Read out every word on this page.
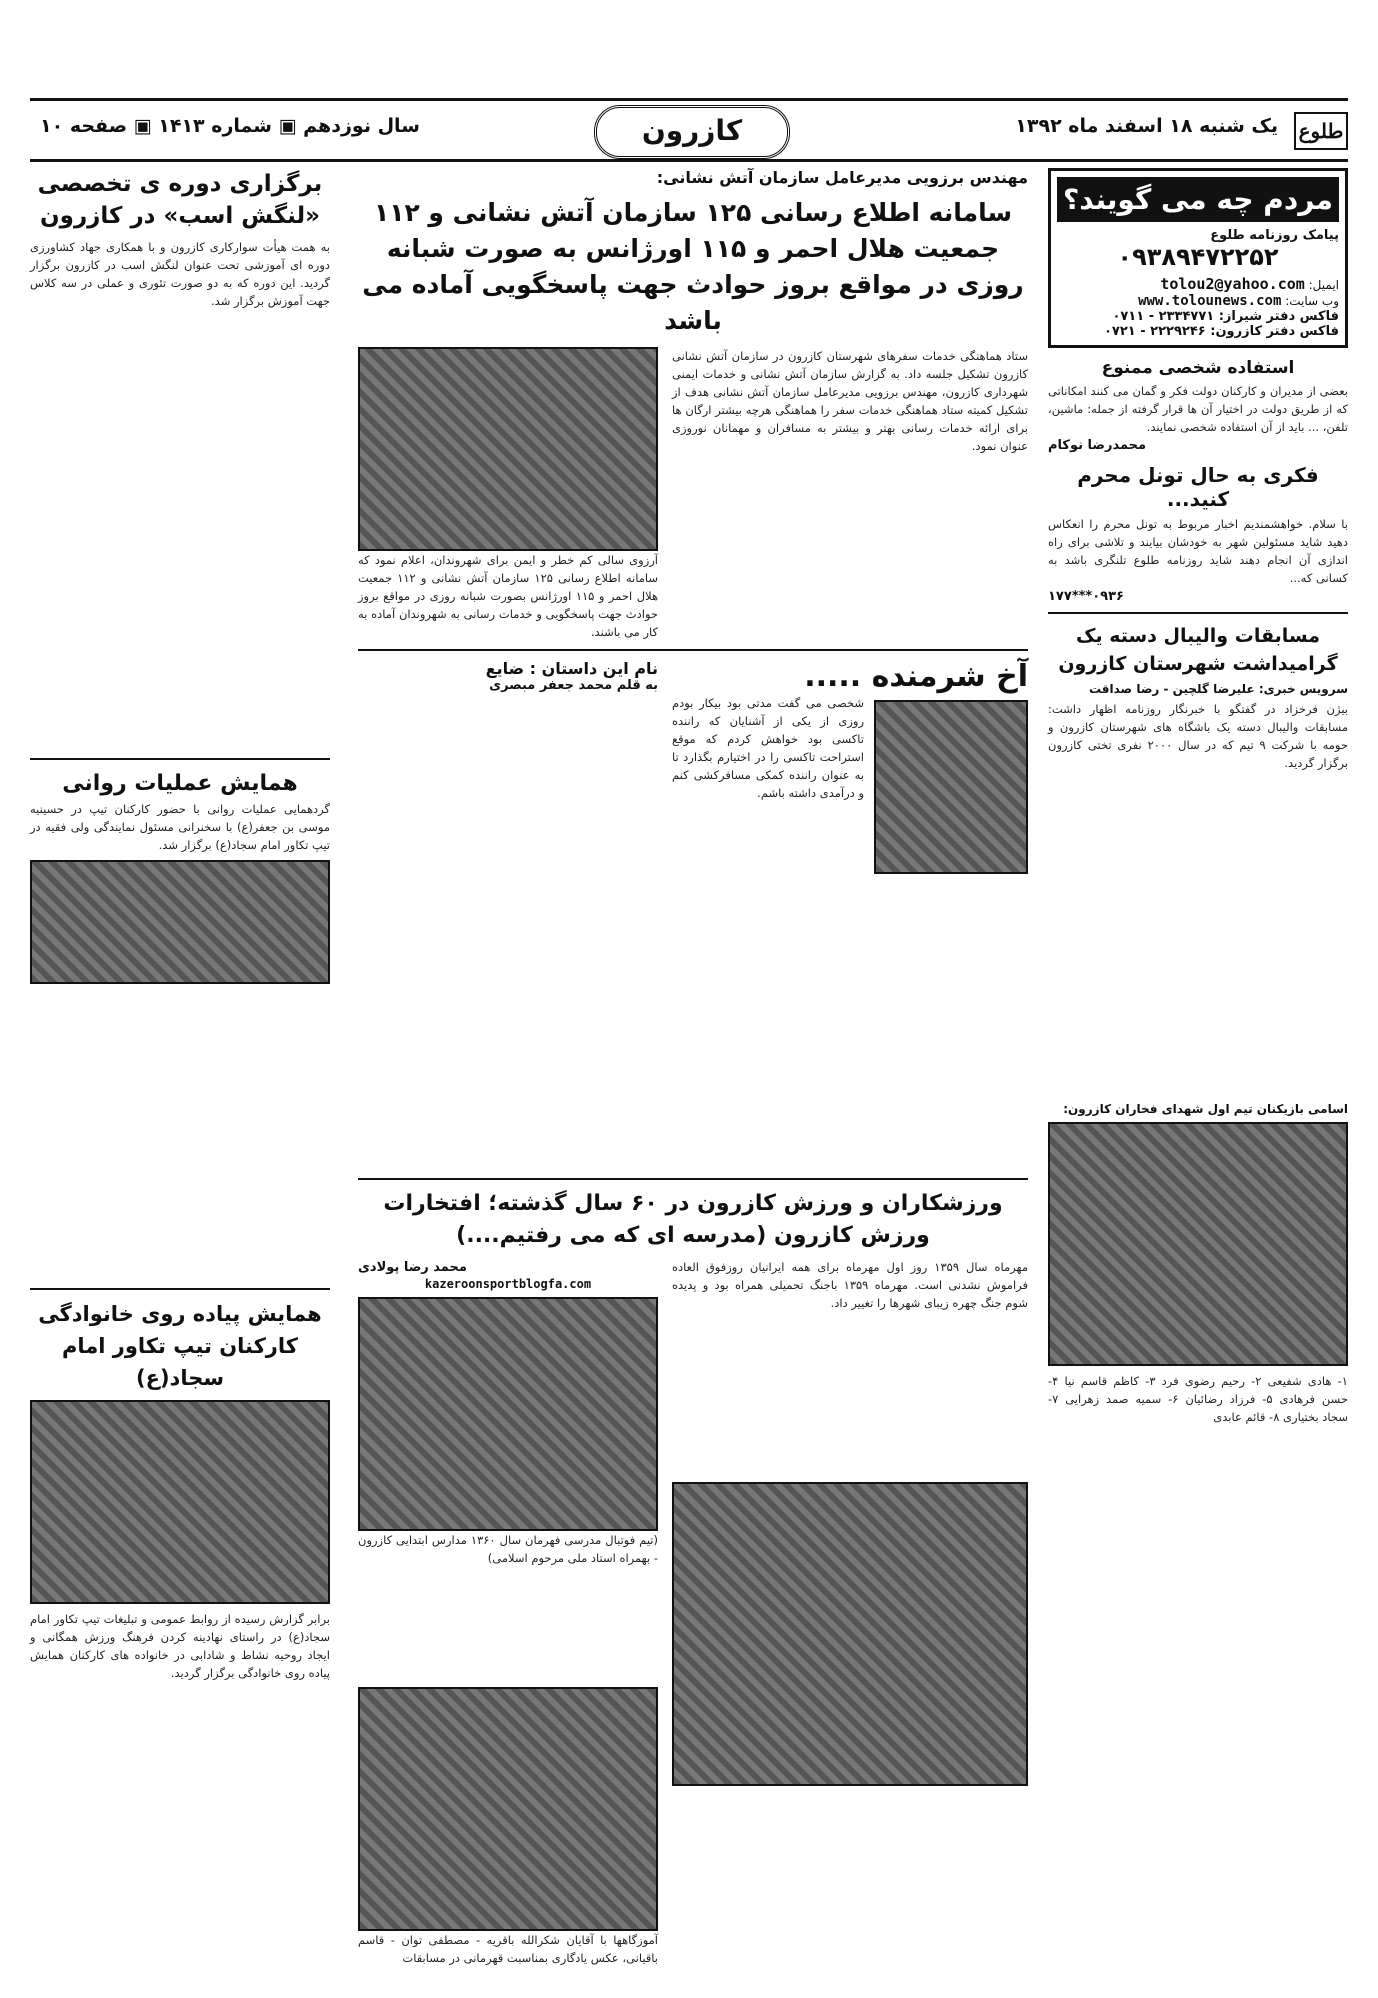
طلوع
یک شنبه ۱۸ اسفند ماه ۱۳۹۲
کازرون
سال نوزدهم ▣ شماره ۱۴۱۳ ▣ صفحه ۱۰
مردم چه می گویند؟
پیامک روزنامه طلوع
۰۹۳۸۹۴۷۲۲۵۲
ایمیل: tolou2@yahoo.com
وب سایت: www.tolounews.com
فاکس دفتر شیراز: ۲۳۳۴۷۷۱ - ۰۷۱۱
فاکس دفتر کازرون: ۲۲۲۹۲۴۶ - ۰۷۲۱
استفاده شخصی ممنوع

بعضی از مدیران و کارکنان دولت فکر و گمان می کنند امکاناتی که از طریق دولت در اختیار آن ها قرار گرفته از جمله: ماشین، تلفن، ... باید از آن استفاده شخصی نمایند.

محمدرضا نوکام
فکری به حال تونل محرم کنید...

با سلام. خواهشمندیم اخبار مربوط به تونل محرم را انعکاس دهید شاید مسئولین شهر به خودشان بیایند و تلاشی برای راه اندازی آن انجام دهند شاید روزنامه طلوع تلنگری باشد به کسانی که...

۰۹۳۶***۱۷۷
مسابقات والیبال دسته یک گرامیداشت شهرستان کازرون
سرویس خبری: علیرضا گلچین - رضا صداقت

بیژن فرخزاد در گفتگو با خبرنگار روزنامه اظهار داشت: مسابقات والیبال دسته یک باشگاه های شهرستان کازرون و حومه با شرکت ۹ تیم که در سال ۲۰۰۰ نفری تختی کازرون برگزار گردید.

اسامی بازیکنان تیم اول شهدای فخاران کازرون:

۱- هادی شفیعی ۲- رحیم رضوی فرد ۳- کاظم قاسم نیا ۴- حسن فرهادی ۵- فرزاد رضائیان ۶- سمیه صمد زهرایی ۷- سجاد بختیاری ۸- قائم عابدی

مهندس برزویی مدیرعامل سازمان آتش نشانی:
سامانه اطلاع رسانی ۱۲۵ سازمان آتش نشانی و ۱۱۲ جمعیت هلال احمر و ۱۱۵ اورژانس به صورت شبانه روزی در مواقع بروز حوادث جهت پاسخگویی آماده می باشد

ستاد هماهنگی خدمات سفرهای شهرستان کازرون در سازمان آتش نشانی کازرون تشکیل جلسه داد. به گزارش سازمان آتش نشانی و خدمات ایمنی شهرداری کازرون، مهندس برزویی مدیرعامل سازمان آتش نشانی هدف از تشکیل کمیته ستاد هماهنگی خدمات سفر را هماهنگی هرچه بیشتر ارگان ها برای ارائه خدمات رسانی بهتر و بیشتر به مسافران و مهمانان نوروزی عنوان نمود.

آرزوی سالی کم خطر و ایمن برای شهروندان، اعلام نمود که سامانه اطلاع رسانی ۱۲۵ سازمان آتش نشانی و ۱۱۲ جمعیت هلال احمر و ۱۱۵ اورژانس بصورت شبانه روزی در مواقع بروز حوادث جهت پاسخگویی و خدمات رسانی به شهروندان آماده به کار می باشند.

آخ شرمنده .....

شخصی می گفت مدتی بود بیکار بودم روزی از یکی از آشنایان که راننده تاکسی بود خواهش کردم که موقع استراحت تاکسی را در اختیارم بگذارد تا به عنوان راننده کمکی مسافرکشی کنم و درآمدی داشته باشم.

نام این داستان : ضایع
به قلم محمد جعفر مبصری
ورزشکاران و ورزش کازرون در ۶۰ سال گذشته؛ افتخارات ورزش کازرون (مدرسه ای که می رفتیم....)

مهرماه سال ۱۳۵۹ روز اول مهرماه برای همه ایرانیان روزفوق العاده فراموش نشدنی است. مهرماه ۱۳۵۹ باجنگ تحمیلی همراه بود و پدیده شوم جنگ چهره زیبای شهرها را تغییر داد.

محمد رضا پولادی
kazeroonsportblogfa.com

(تیم فوتبال مدرسی فهرمان سال ۱۳۶۰ مدارس ابتدایی کازرون - بهمراه استاد ملی مرحوم اسلامی)

آموزگاهها با آقایان شکرالله باقریه - مصطفی توان - قاسم باقیانی، عکس یادگاری بمناسبت قهرمانی در مسابقات

برگزاری دوره ی تخصصی «لنگش اسب» در کازرون

به همت هیأت سوارکاری کازرون و با همکاری جهاد کشاورزی دوره ای آموزشی تحت عنوان لنگش اسب در کازرون برگزار گردید. این دوره که به دو صورت تئوری و عملی در سه کلاس جهت آموزش برگزار شد.

همایش عملیات روانی

گردهمایی عملیات روانی با حضور کارکنان تیپ در حسینیه موسی بن جعفر(ع) با سخنرانی مسئول نمایندگی ولی فقیه در تیپ تکاور امام سجاد(ع) برگزار شد.

همایش پیاده روی خانوادگی کارکنان تیپ تکاور امام سجاد(ع)

برابر گزارش رسیده از روابط عمومی و تبلیغات تیپ تکاور امام سجاد(ع) در راستای نهادینه کردن فرهنگ ورزش همگانی و ایجاد روحیه نشاط و شادابی در خانواده های کارکنان همایش پیاده روی خانوادگی برگزار گردید.
